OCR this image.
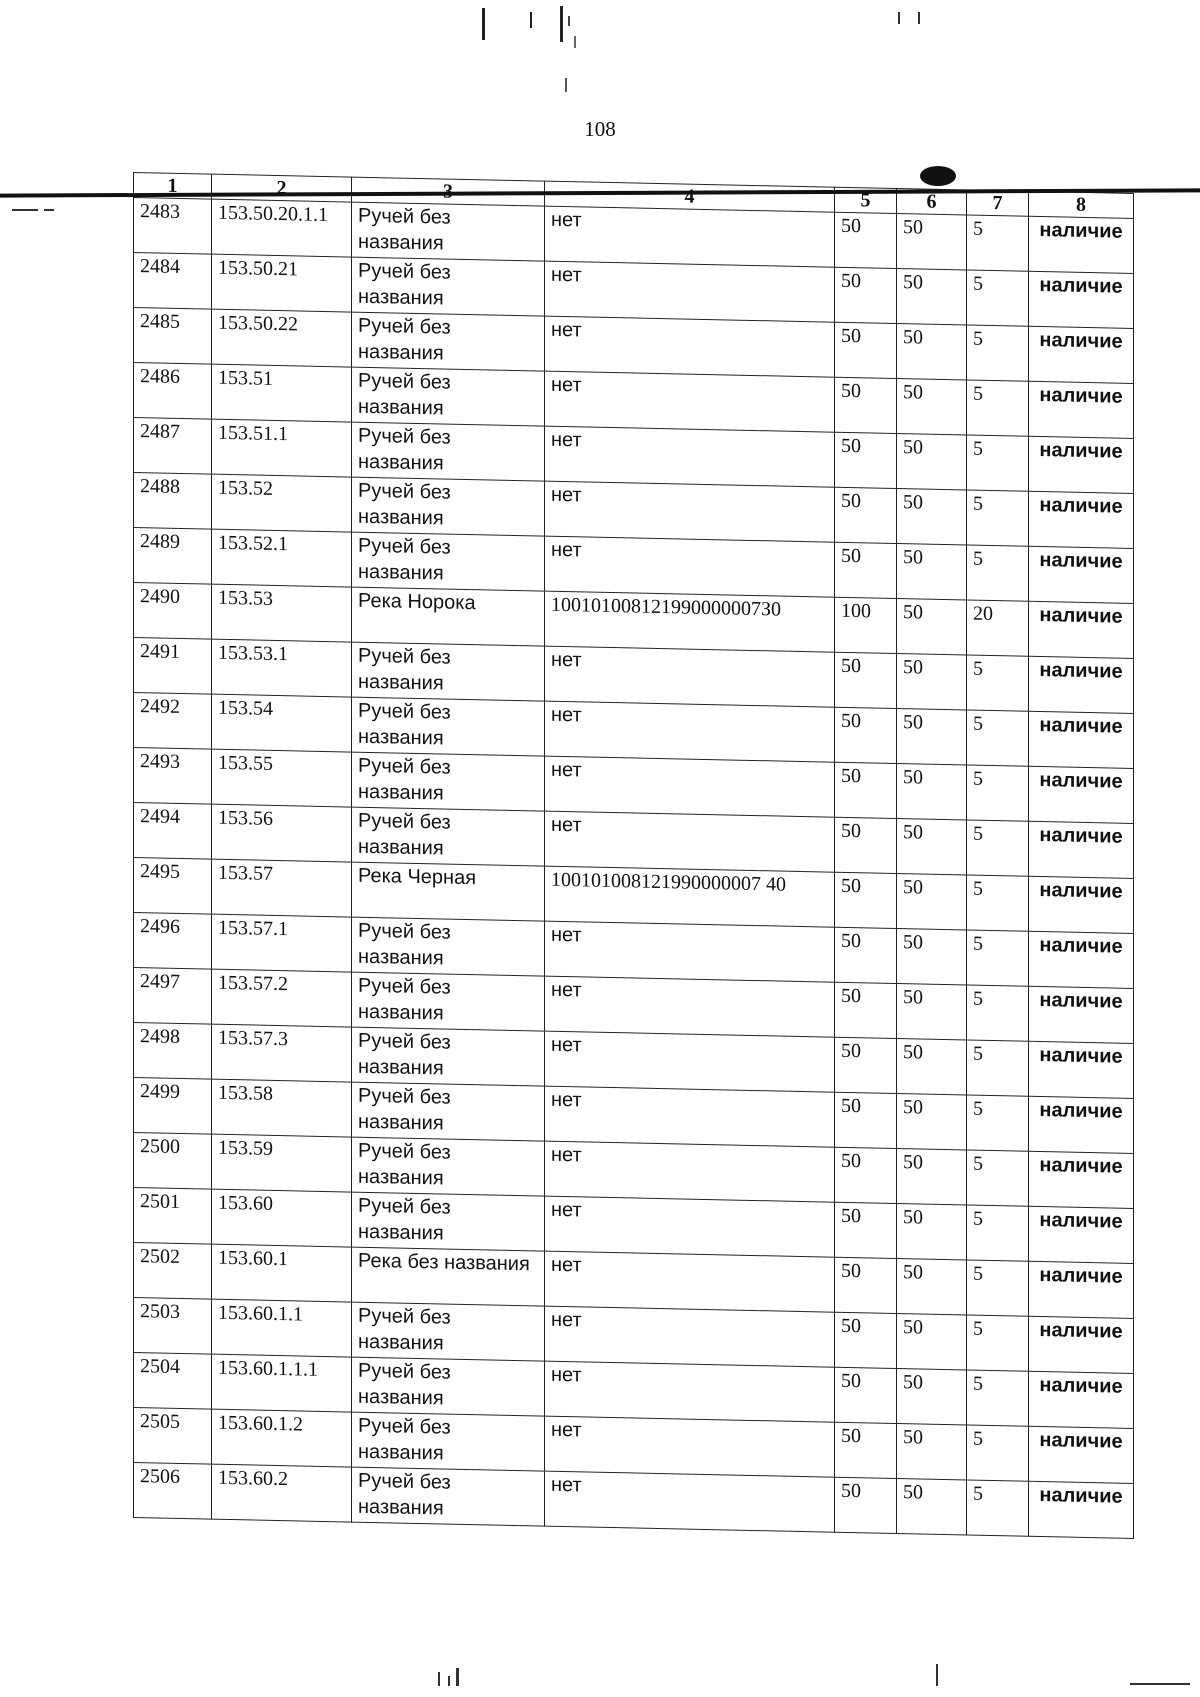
108
1	2	3	4	5	6	7	8
2483	153.50.20.1.1	Ручей без названия	нет	50	50	5	наличие
2484	153.50.21	Ручей без названия	нет	50	50	5	наличие
2485	153.50.22	Ручей без названия	нет	50	50	5	наличие
2486	153.51	Ручей без названия	нет	50	50	5	наличие
2487	153.51.1	Ручей без названия	нет	50	50	5	наличие
2488	153.52	Ручей без названия	нет	50	50	5	наличие
2489	153.52.1	Ручей без названия	нет	50	50	5	наличие
2490	153.53	Река Норока	100101008121990000007З0	100	50	20	наличие
2491	153.53.1	Ручей без названия	нет	50	50	5	наличие
2492	153.54	Ручей без названия	нет	50	50	5	наличие
2493	153.55	Ручей без названия	нет	50	50	5	наличие
2494	153.56	Ручей без названия	нет	50	50	5	наличие
2495	153.57	Река Черная	100101008121990000007 40	50	50	5	наличие
2496	153.57.1	Ручей без названия	нет	50	50	5	наличие
2497	153.57.2	Ручей без названия	нет	50	50	5	наличие
2498	153.57.3	Ручей без названия	нет	50	50	5	наличие
2499	153.58	Ручей без названия	нет	50	50	5	наличие
2500	153.59	Ручей без названия	нет	50	50	5	наличие
2501	153.60	Ручей без названия	нет	50	50	5	наличие
2502	153.60.1	Река без названия	нет	50	50	5	наличие
2503	153.60.1.1	Ручей без названия	нет	50	50	5	наличие
2504	153.60.1.1.1	Ручей без названия	нет	50	50	5	наличие
2505	153.60.1.2	Ручей без названия	нет	50	50	5	наличие
2506	153.60.2	Ручей без названия	нет	50	50	5	наличие
